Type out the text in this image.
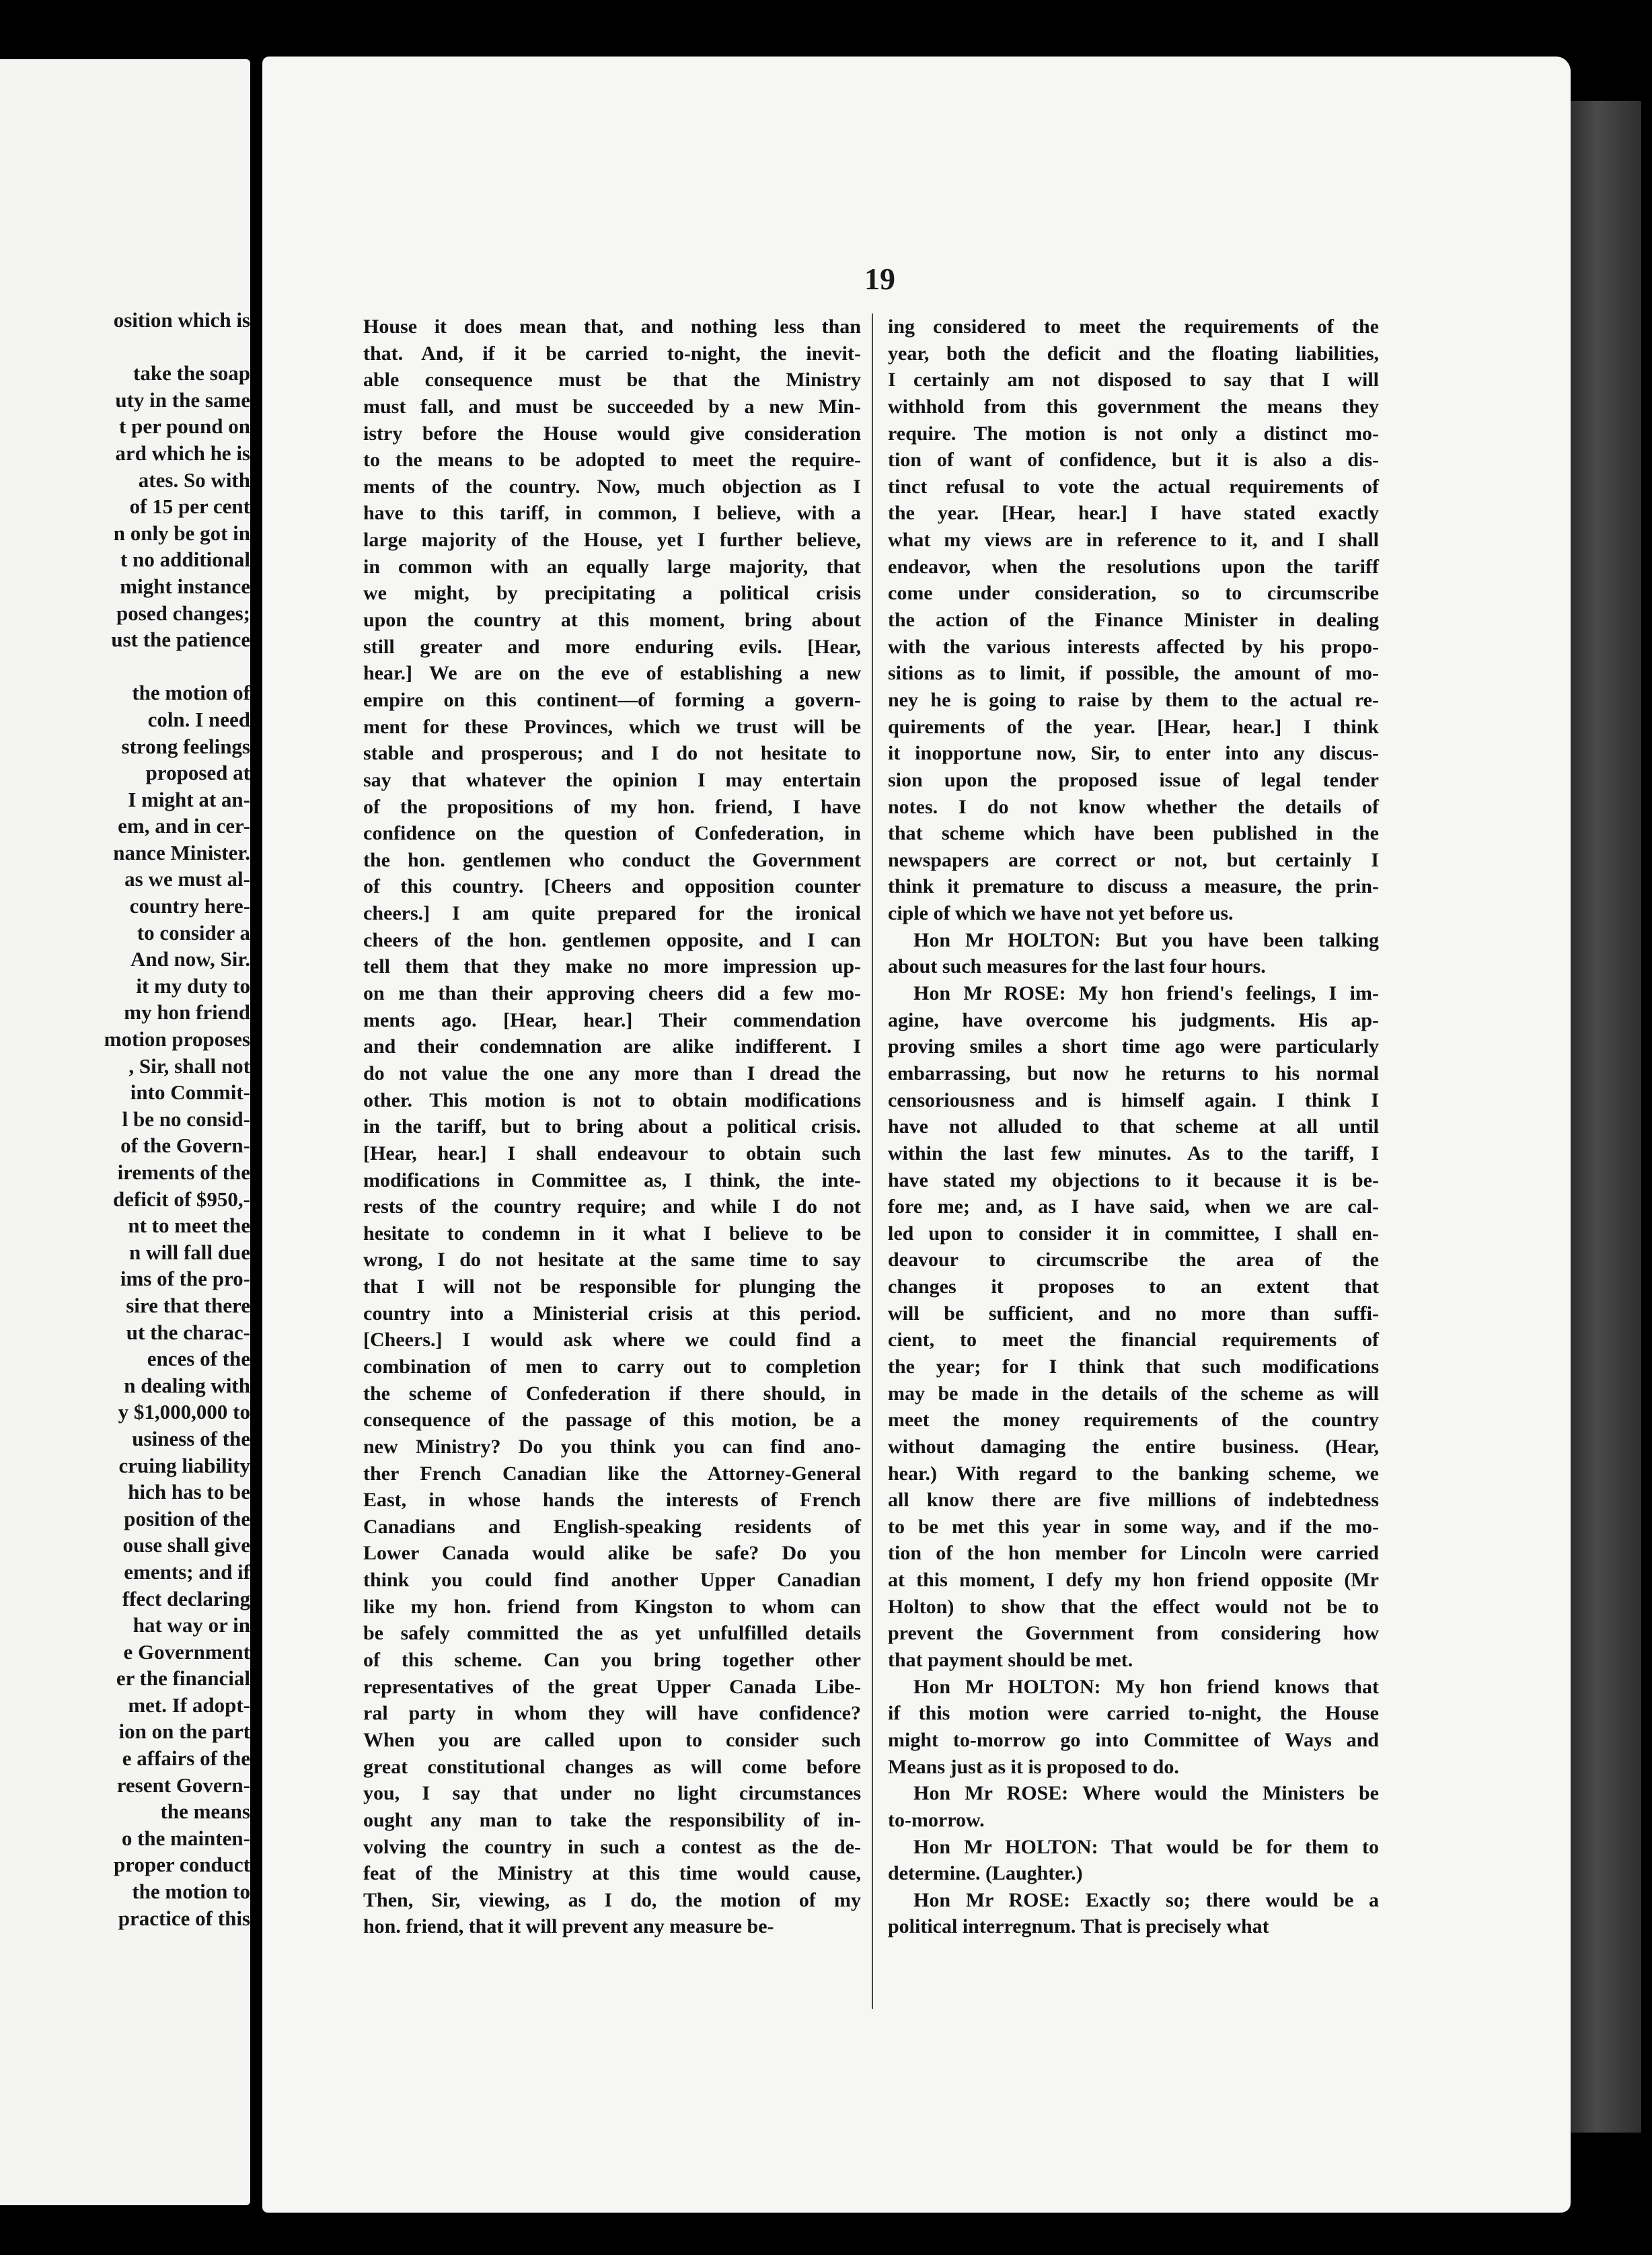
osition which is
take the soap
uty in the same
t per pound on
ard which he is
ates. So with
of 15 per cent
n only be got in
t no additional
might instance
posed changes;
ust the patience
the motion of
coln. I need
strong feelings
proposed at
I might at an-
em, and in cer-
nance Minister.
as we must al-
country here-
to consider a
And now, Sir.
it my duty to
my hon friend
motion proposes
, Sir, shall not
into Commit-
l be no consid-
of the Govern-
irements of the
deficit of $950,-
nt to meet the
n will fall due
ims of the pro-
sire that there
ut the charac-
ences of the
n dealing with
y $1,000,000 to
usiness of the
cruing liability
hich has to be
position of the
ouse shall give
ements; and if
ffect declaring
hat way or in
e Government
er the financial
met. If adopt-
ion on the part
e affairs of the
resent Govern-
the means
o the mainten-
proper conduct
the motion to
practice of this
19
House it does mean that, and nothing less than
that. And, if it be carried to-night, the inevit-
able consequence must be that the Ministry
must fall, and must be succeeded by a new Min-
istry before the House would give consideration
to the means to be adopted to meet the require-
ments of the country. Now, much objection as I
have to this tariff, in common, I believe, with a
large majority of the House, yet I further believe,
in common with an equally large majority, that
we might, by precipitating a political crisis
upon the country at this moment, bring about
still greater and more enduring evils. [Hear,
hear.] We are on the eve of establishing a new
empire on this continent—of forming a govern-
ment for these Provinces, which we trust will be
stable and prosperous; and I do not hesitate to
say that whatever the opinion I may entertain
of the propositions of my hon. friend, I have
confidence on the question of Confederation, in
the hon. gentlemen who conduct the Government
of this country. [Cheers and opposition counter
cheers.] I am quite prepared for the ironical
cheers of the hon. gentlemen opposite, and I can
tell them that they make no more impression up-
on me than their approving cheers did a few mo-
ments ago. [Hear, hear.] Their commendation
and their condemnation are alike indifferent. I
do not value the one any more than I dread the
other. This motion is not to obtain modifications
in the tariff, but to bring about a political crisis.
[Hear, hear.] I shall endeavour to obtain such
modifications in Committee as, I think, the inte-
rests of the country require; and while I do not
hesitate to condemn in it what I believe to be
wrong, I do not hesitate at the same time to say
that I will not be responsible for plunging the
country into a Ministerial crisis at this period.
[Cheers.] I would ask where we could find a
combination of men to carry out to completion
the scheme of Confederation if there should, in
consequence of the passage of this motion, be a
new Ministry? Do you think you can find ano-
ther French Canadian like the Attorney-General
East, in whose hands the interests of French
Canadians and English-speaking residents of
Lower Canada would alike be safe? Do you
think you could find another Upper Canadian
like my hon. friend from Kingston to whom can
be safely committed the as yet unfulfilled details
of this scheme. Can you bring together other
representatives of the great Upper Canada Libe-
ral party in whom they will have confidence?
When you are called upon to consider such
great constitutional changes as will come before
you, I say that under no light circumstances
ought any man to take the responsibility of in-
volving the country in such a contest as the de-
feat of the Ministry at this time would cause,
Then, Sir, viewing, as I do, the motion of my
hon. friend, that it will prevent any measure be-
ing considered to meet the requirements of the
year, both the deficit and the floating liabilities,
I certainly am not disposed to say that I will
withhold from this government the means they
require. The motion is not only a distinct mo-
tion of want of confidence, but it is also a dis-
tinct refusal to vote the actual requirements of
the year. [Hear, hear.] I have stated exactly
what my views are in reference to it, and I shall
endeavor, when the resolutions upon the tariff
come under consideration, so to circumscribe
the action of the Finance Minister in dealing
with the various interests affected by his propo-
sitions as to limit, if possible, the amount of mo-
ney he is going to raise by them to the actual re-
quirements of the year. [Hear, hear.] I think
it inopportune now, Sir, to enter into any discus-
sion upon the proposed issue of legal tender
notes. I do not know whether the details of
that scheme which have been published in the
newspapers are correct or not, but certainly I
think it premature to discuss a measure, the prin-
ciple of which we have not yet before us.
Hon Mr HOLTON: But you have been talking
about such measures for the last four hours.
Hon Mr ROSE: My hon friend's feelings, I im-
agine, have overcome his judgments. His ap-
proving smiles a short time ago were particularly
embarrassing, but now he returns to his normal
censoriousness and is himself again. I think I
have not alluded to that scheme at all until
within the last few minutes. As to the tariff, I
have stated my objections to it because it is be-
fore me; and, as I have said, when we are cal-
led upon to consider it in committee, I shall en-
deavour to circumscribe the area of the
changes it proposes to an extent that
will be sufficient, and no more than suffi-
cient, to meet the financial requirements of
the year; for I think that such modifications
may be made in the details of the scheme as will
meet the money requirements of the country
without damaging the entire business. (Hear,
hear.) With regard to the banking scheme, we
all know there are five millions of indebtedness
to be met this year in some way, and if the mo-
tion of the hon member for Lincoln were carried
at this moment, I defy my hon friend opposite (Mr
Holton) to show that the effect would not be to
prevent the Government from considering how
that payment should be met.
Hon Mr HOLTON: My hon friend knows that
if this motion were carried to-night, the House
might to-morrow go into Committee of Ways and
Means just as it is proposed to do.
Hon Mr ROSE: Where would the Ministers be
to-morrow.
Hon Mr HOLTON: That would be for them to
determine. (Laughter.)
Hon Mr ROSE: Exactly so; there would be a
political interregnum. That is precisely what
